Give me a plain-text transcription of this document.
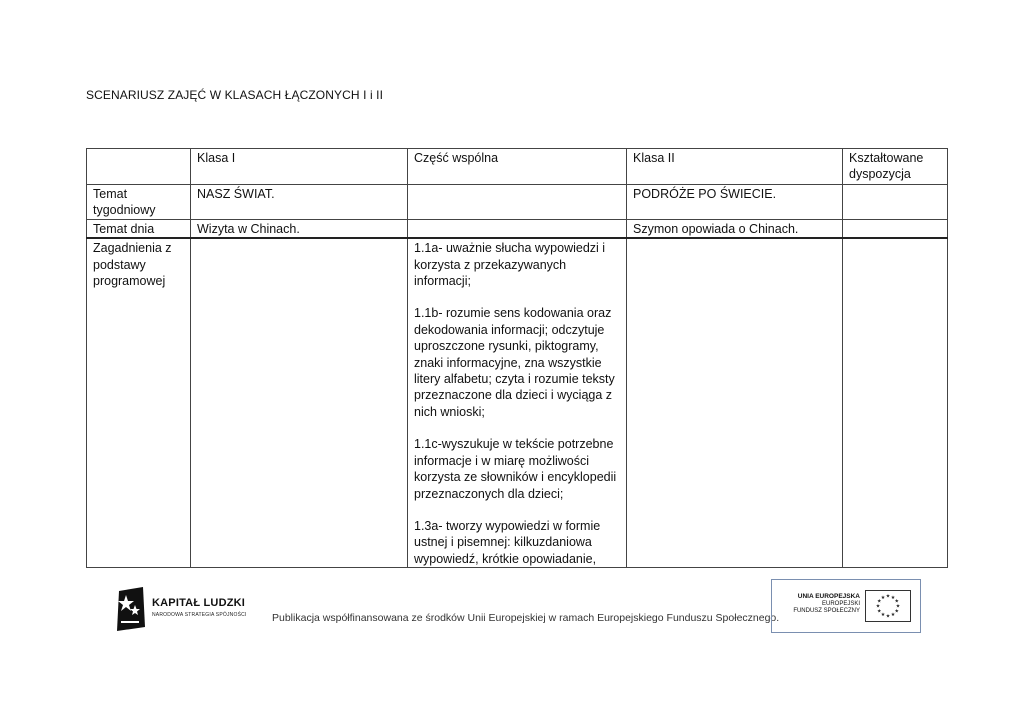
SCENARIUSZ ZAJĘĆ W KLASACH ŁĄCZONYCH I i II
	Klasa I	Część wspólna	Klasa II	Kształtowane dyspozycja
Temat tygodniowy	NASZ ŚWIAT.		PODRÓŻE PO ŚWIECIE.	
Temat dnia	Wizyta w Chinach.		Szymon opowiada o Chinach.	
Zagadnienia z podstawy programowej		1.1a- uważnie słucha wypowiedzi i korzysta z przekazywanych informacji;

1.1b- rozumie sens kodowania oraz dekodowania informacji; odczytuje uproszczone rysunki, piktogramy, znaki informacyjne, zna wszystkie litery alfabetu; czyta i rozumie teksty przeznaczone dla dzieci i wyciąga z nich wnioski;

1.1c-wyszukuje w tekście potrzebne informacje i w miarę możliwości korzysta ze słowników i encyklopedii przeznaczonych dla dzieci;

1.3a- tworzy wypowiedzi w formie ustnej i pisemnej: kilkuzdaniowa wypowiedź, krótkie opowiadanie,		

KAPITAŁ LUDZKI
NARODOWA STRATEGIA SPÓJNOŚCI Publikacja współfinansowana ze środków Unii Europejskiej w ramach Europejskiego Funduszu Społecznego.
UNIA EUROPEJSKA
EUROPEJSKI
FUNDUSZ SPOŁECZNY
★
★
★
★
★
★
★
★
★ ★ ★
★
